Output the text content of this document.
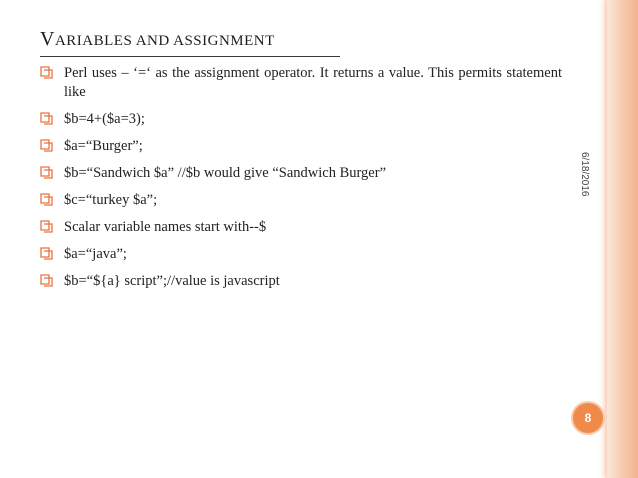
VARIABLES AND ASSIGNMENT
Perl uses – ‘=‘ as the assignment operator. It returns a value. This permits statement like
$b=4+($a=3);
$a=“Burger”;
$b=“Sandwich $a” //$b would give “Sandwich Burger”
$c=“turkey $a”;
Scalar variable names start with--$
$a=“java”;
$b=“${a} script”;//value is javascript
6/18/2016
8
